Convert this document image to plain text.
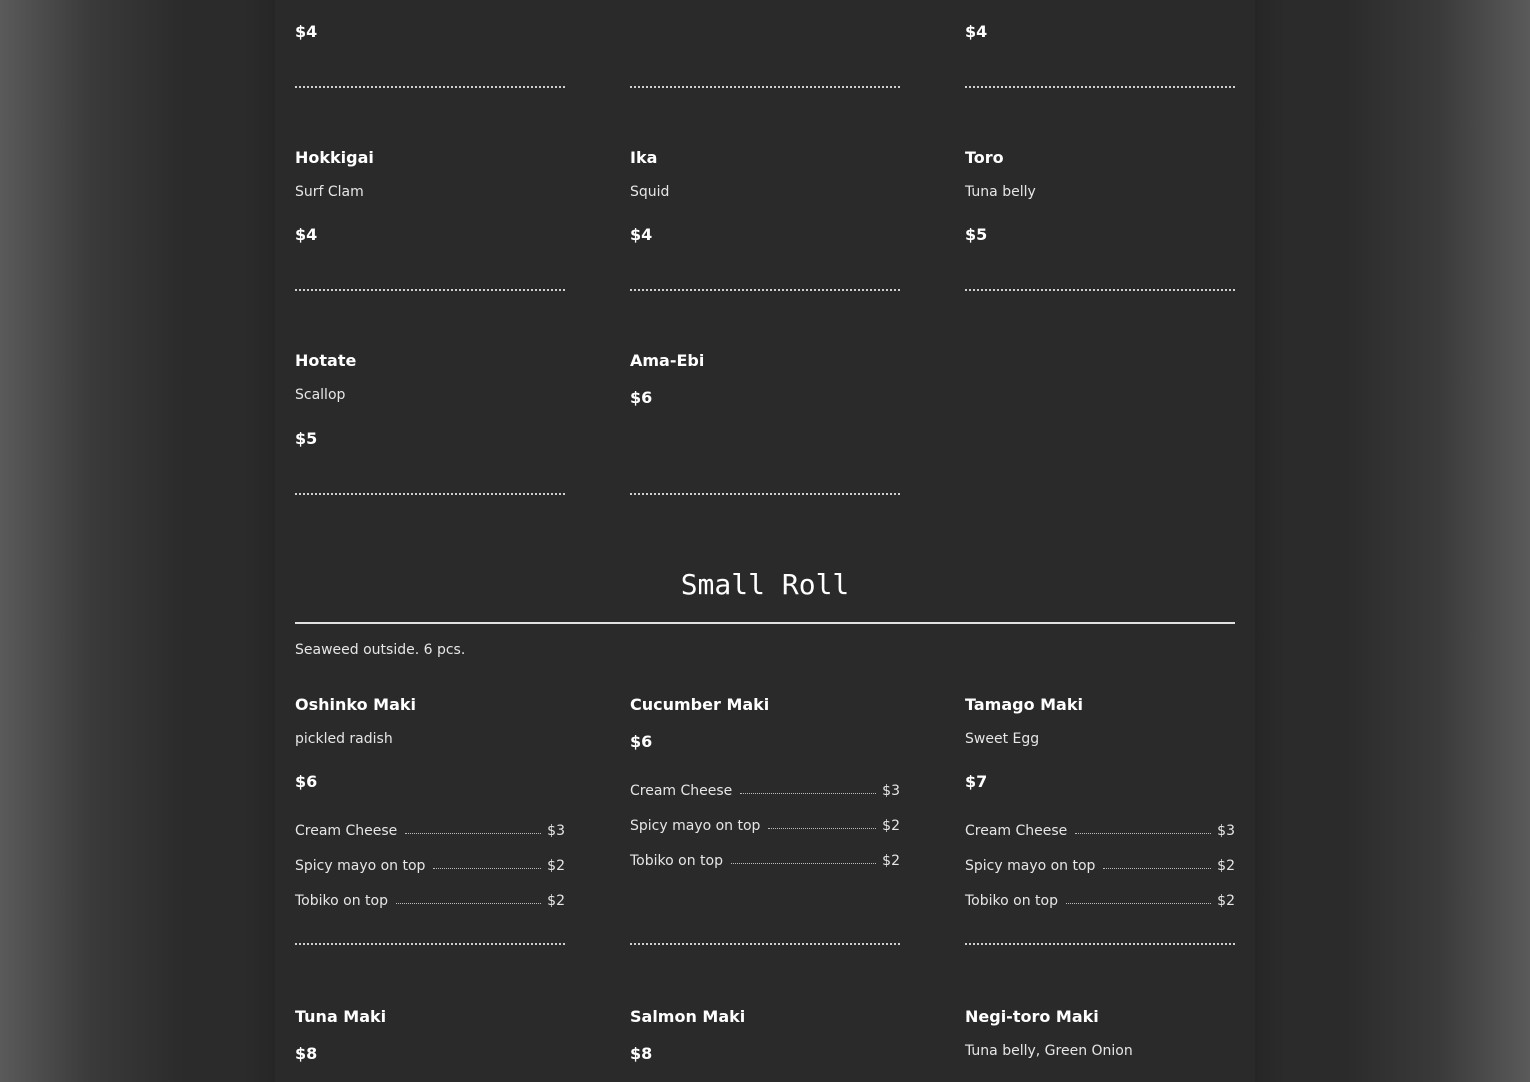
$4	$4
Hokkigai
Surf Clam
$4
Ika
Squid
$4
Toro
Tuna belly
$5
Hotate
Scallop
$5
Ama-Ebi
$6
Small Roll
Seaweed outside. 6 pcs.
Oshinko Maki
pickled radish
$6
Cream Cheese	$3
Spicy mayo on top	$2
Tobiko on top	$2
Cucumber Maki
$6
Cream Cheese	$3
Spicy mayo on top	$2
Tobiko on top	$2
Tamago Maki
Sweet Egg
$7
Cream Cheese	$3
Spicy mayo on top	$2
Tobiko on top	$2
Tuna Maki
$8
Salmon Maki
$8
Negi-toro Maki
Tuna belly, Green Onion
